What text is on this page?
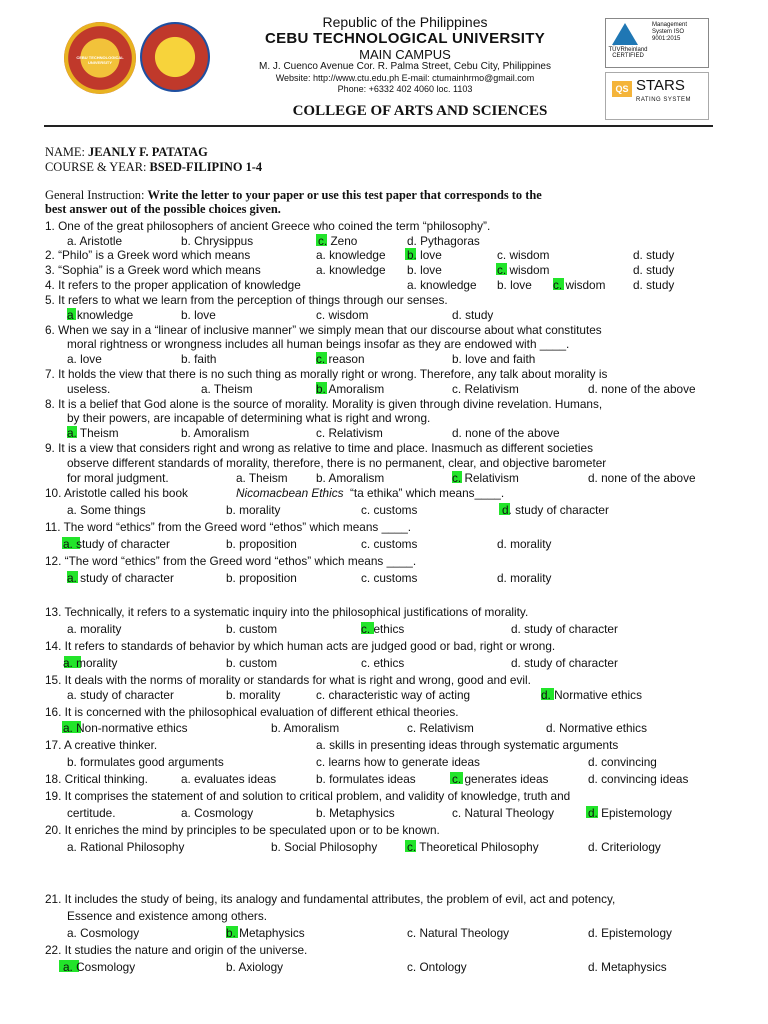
CEBU TECHNOLOGICAL UNIVERSITY
Republic of the Philippines
CEBU TECHNOLOGICAL UNIVERSITY
MAIN CAMPUS
M. J. Cuenco Avenue Cor. R. Palma Street, Cebu City, Philippines
Website: http://www.ctu.edu.ph E-mail: ctumainhrmo@gmail.com
Phone: +6332 402 4060 loc. 1103
COLLEGE OF ARTS AND SCIENCES
TÜVRheinland CERTIFIED
Management System ISO 9001:2015
QS STARS
RATING SYSTEM
NAME: JEANLY F. PATATAG
COURSE & YEAR: BSED-FILIPINO 1-4
General Instruction: Write the letter to your paper or use this test paper that corresponds to the
best answer out of the possible choices given.
1. One of the great philosophers of ancient Greece who coined the term “philosophy”.
a. Aristotle	b. Chrysippus	c. Zeno	d. Pythagoras
2. “Philo” is a Greek word which means	a. knowledge b. love	c. wisdom	d. study
3. “Sophia” is a Greek word which means	a. knowledge b. love	c. wisdom	d. study
4. It refers to the proper application of knowledge	a. knowledge b. love c. wisdom d. study
5. It refers to what we learn from the perception of things through our senses.
a knowledge	b. love	c. wisdom	d. study
6. When we say in a “linear of inclusive manner” we simply mean that our discourse about what constitutes
moral rightness or wrongness includes all human beings insofar as they are endowed with ____.
a. love	b. faith	c. reason	b. love and faith
7. It holds the view that there is no such thing as morally right or wrong. Therefore, any talk about morality is
useless.	a. Theism	b. Amoralism	c. Relativism	d. none of the above
8. It is a belief that God alone is the source of morality. Morality is given through divine revelation. Humans,
by their powers, are incapable of determining what is right and wrong.
a. Theism	b. Amoralism	c. Relativism	d. none of the above
9. It is a view that considers right and wrong as relative to time and place. Inasmuch as different societies
observe different standards of morality, therefore, there is no permanent, clear, and objective barometer
for moral judgment.	a. Theism b. Amoralism	c. Relativism	d. none of the above
10. Aristotle called his book	Nicomacbean Ethics “ta ethika” which means____.
a. Some things	b. morality	c. customs	d. study of character
11. The word “ethics” from the Greed word “ethos” which means ____.
a. study of character	b. proposition	c. customs	d. morality
12. “The word “ethics” from the Greed word “ethos” which means ____.
a. study of character	b. proposition	c. customs	d. morality
13. Technically, it refers to a systematic inquiry into the philosophical justifications of morality.
a. morality	b. custom	c. ethics	d. study of character
14. It refers to standards of behavior by which human acts are judged good or bad, right or wrong.
a. morality	b. custom	c. ethics	d. study of character
15. It deals with the norms of morality or standards for what is right and wrong, good and evil.
a. study of character	b. morality	c. characteristic way of acting	d. Normative ethics
16. It is concerned with the philosophical evaluation of different ethical theories.
a. Non-normative ethics	b. Amoralism	c. Relativism	d. Normative ethics
17. A creative thinker.	a. skills in presenting ideas through systematic arguments
b. formulates good arguments	c. learns how to generate ideas	d. convincing
18. Critical thinking.	a. evaluates ideas	b. formulates ideas	c. generates ideas	d. convincing ideas
19. It comprises the statement of and solution to critical problem, and validity of knowledge, truth and
certitude.	a. Cosmology	b. Metaphysics	c. Natural Theology	d. Epistemology
20. It enriches the mind by principles to be speculated upon or to be known.
a. Rational Philosophy	b. Social Philosophy	c. Theoretical Philosophy	d. Criteriology
21. It includes the study of being, its analogy and fundamental attributes, the problem of evil, act and potency,
Essence and existence among others.
a. Cosmology	b. Metaphysics	c. Natural Theology	d. Epistemology
22. It studies the nature and origin of the universe.
a. Cosmology	b. Axiology	c. Ontology	d. Metaphysics
